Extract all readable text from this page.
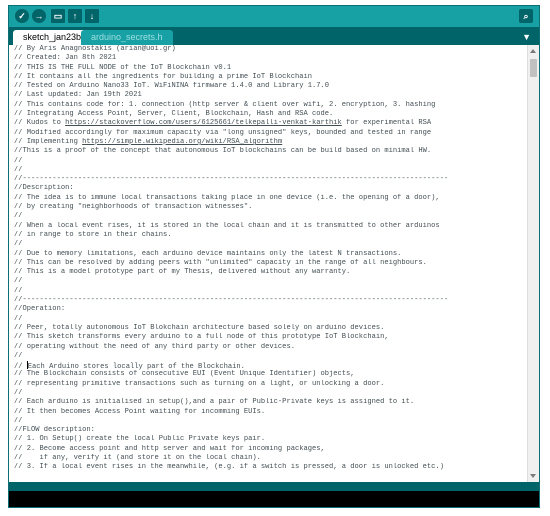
✓ → ▭ ↑ ↓	⌕
sketch_jan23b	arduino_secrets.h	▼
// By Aris Anagnostakis (arian@uoi.gr)
// Created: Jan 8th 2021
// THIS IS THE FULL NODE of the IoT Blockchain v0.1
// It contains all the ingredients for building a prime IoT Blockchain
// Tested on Arduino Nano33 IoT. WiFiNINA firmware 1.4.0 and Library 1.7.0
// Last updated: Jan 19th 2021
// This contains code for: 1. connection (http server & client over wifi, 2. encryption, 3. hashing
// Integrating Access Point, Server, Client, Blockchain, Hash and RSA code.
// Kudos to https://stackoverflow.com/users/6125661/telkepalli-venkat-karthik for experimental RSA
// Modified accordingly for maximum capacity via "long unsigned" keys, bounded and tested in range
// Implementing https://simple.wikipedia.org/wiki/RSA_algorithm
//This is a proof of the concept that autonomous IoT blockchains can be build based on minimal HW.
//
//
//----------------------------------------------------------------------------------------------------
//Description:
// The idea is to immune local transactions taking place in one device (i.e. the opening of a door),
// by creating "neighborhoods of transaction witnesses".
//
// When a local event rises, it is stored in the local chain and it is transmitted to other arduinos
// in range to store in their chains.
//
// Due to memory limitations, each arduino device maintains only the latest N transactions.
// This can be resolved by adding peers with "unlimited" capacity in the range of all neighbours.
// This is a model prototype part of my Thesis, delivered without any warranty.
//
//
//----------------------------------------------------------------------------------------------------
//Operation:
//
// Peer, totally autonomous IoT Blokchain architecture based solely on arduino devices.
// This sketch transforms every arduino to a full node of this prototype IoT Blockchain,
// operating without the need of any third party or other devices.
//
// Each Arduino stores locally part of the Blockchain.
// The Blockchain consists of consecutive EUI (Event Unique Identifier) objects,
// representing primitive transactions such as turning on a light, or unlocking a door.
//
// Each arduino is initialised in setup(),and a pair of Public-Private keys is assigned to it.
// It then becomes Access Point waiting for incomming EUIs.
//
//FLOW description:
// 1. On Setup() create the local Public Private keys pair.
// 2. Become access point and http server and wait for incoming packages,
//    if any, verify it (and store it on the local chain).
// 3. If a local event rises in the meanwhile, (e.g. if a switch is pressed, a door is unlocked etc.)
